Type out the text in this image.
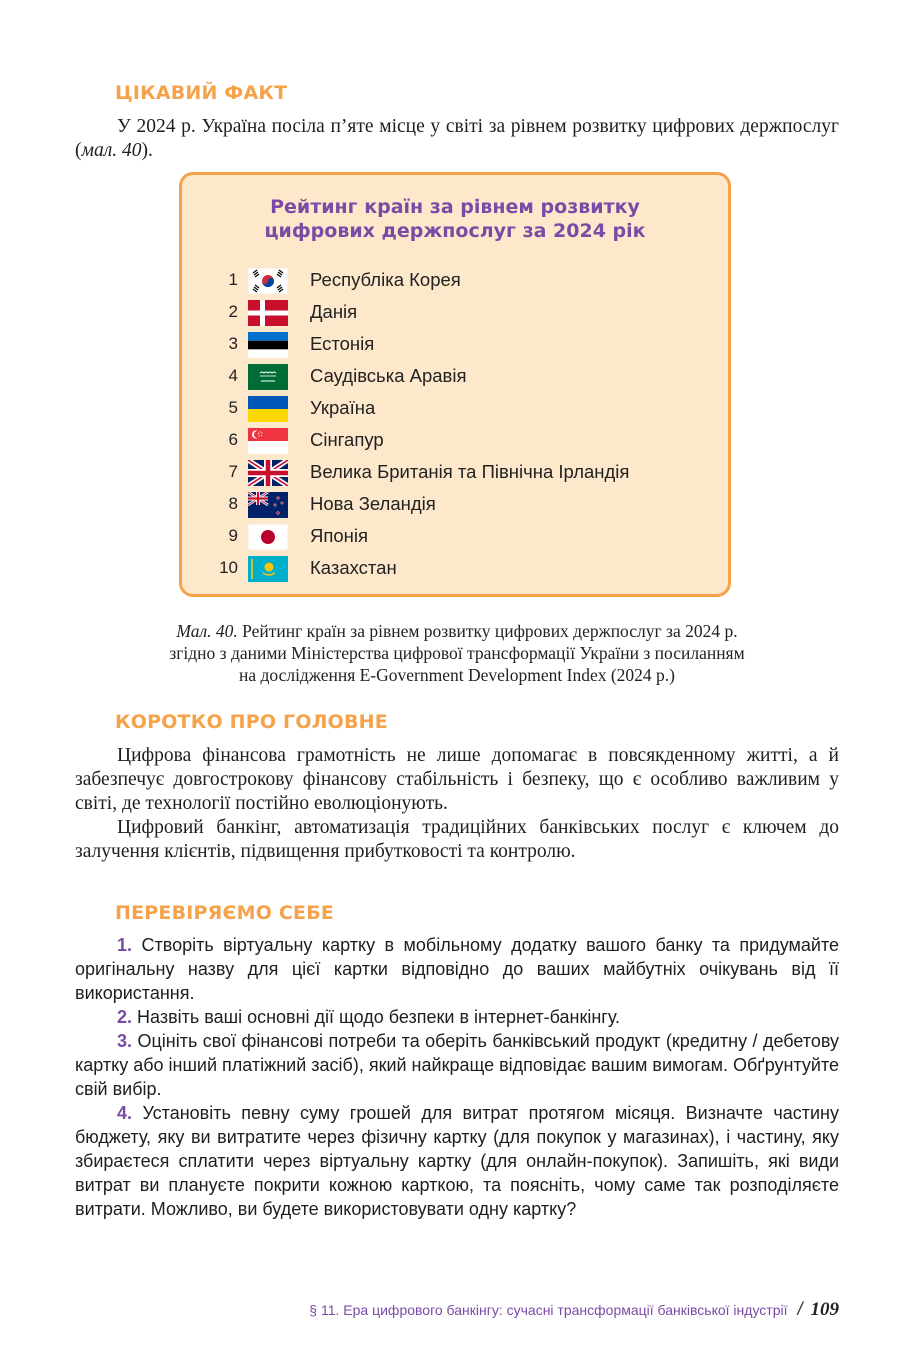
ЦІКАВИЙ ФАКТ
У 2024 р. Україна посіла п’яте місце у світі за рівнем розвитку цифрових держпослуг (мал. 40).
Рейтинг країн за рівнем розвитку
цифрових держпослуг за 2024 рік
1	Республіка Корея
2	Данія
3	Естонія
4	Саудівська Аравія
5	Україна
6	Сінгапур
7	Велика Британія та Північна Ірландія
8	Нова Зеландія
9	Японія
10	Казахстан
Мал. 40. Рейтинг країн за рівнем розвитку цифрових держпослуг за 2024 р.
згідно з даними Міністерства цифрової трансформації України з посиланням
на дослідження E-Government Development Index (2024 р.)
КОРОТКО ПРО ГОЛОВНЕ
Цифрова фінансова грамотність не лише допомагає в повсякденному житті, а й забезпечує довгострокову фінансову стабільність і безпеку, що є особливо важливим у світі, де технології постійно еволюціонують.
Цифровий банкінг, автоматизація традиційних банківських послуг є ключем до залучення клієнтів, підвищення прибутковості та контролю.
ПЕРЕВІРЯЄМО СЕБЕ
1. Створіть віртуальну картку в мобільному додатку вашого банку та придумайте оригінальну назву для цієї картки відповідно до ваших майбутніх очікувань від її використання.
2. Назвіть ваші основні дії щодо безпеки в інтернет-банкінгу.
3. Оцініть свої фінансові потреби та оберіть банківський продукт (кредитну / дебетову картку або інший платіжний засіб), який найкраще відповідає вашим вимогам. Обґрунтуйте свій вибір.
4. Установіть певну суму грошей для витрат протягом місяця. Визначте частину бюджету, яку ви витратите через фізичну картку (для покупок у магазинах), і частину, яку збираєтеся сплатити через віртуальну картку (для онлайн-покупок). Запишіть, які види витрат ви плануєте покрити кожною карткою, та поясніть, чому саме так розподіляєте витрати. Можливо, ви будете використовувати одну картку?
§ 11. Ера цифрового банкінгу: сучасні трансформації банківської індустрії / 109
